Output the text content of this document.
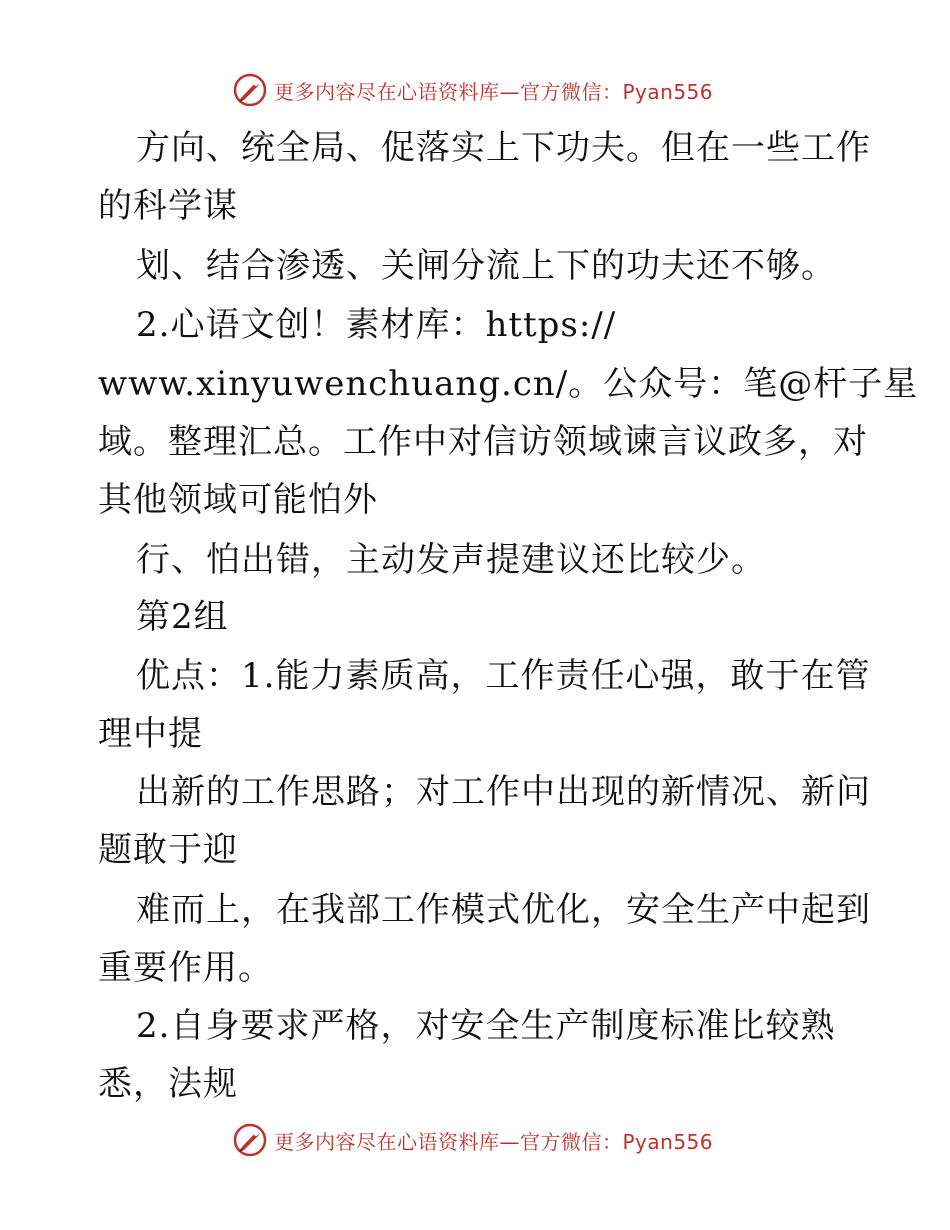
更多内容尽在心语资料库—官方微信：Pyan556
方向、统全局、促落实上下功夫。但在一些工作
的科学谋
划、结合渗透、关闸分流上下的功夫还不够。
2.心语文创！素材库：https://
www.xinyuwenchuang.cn/。公众号：笔@杆子星
域。整理汇总。工作中对信访领域谏言议政多，对
其他领域可能怕外
行、怕出错，主动发声提建议还比较少。
第2组
优点：1.能力素质高，工作责任心强，敢于在管
理中提
出新的工作思路；对工作中出现的新情况、新问
题敢于迎
难而上，在我部工作模式优化，安全生产中起到
重要作用。
2.自身要求严格，对安全生产制度标准比较熟
悉，法规
更多内容尽在心语资料库—官方微信：Pyan556
